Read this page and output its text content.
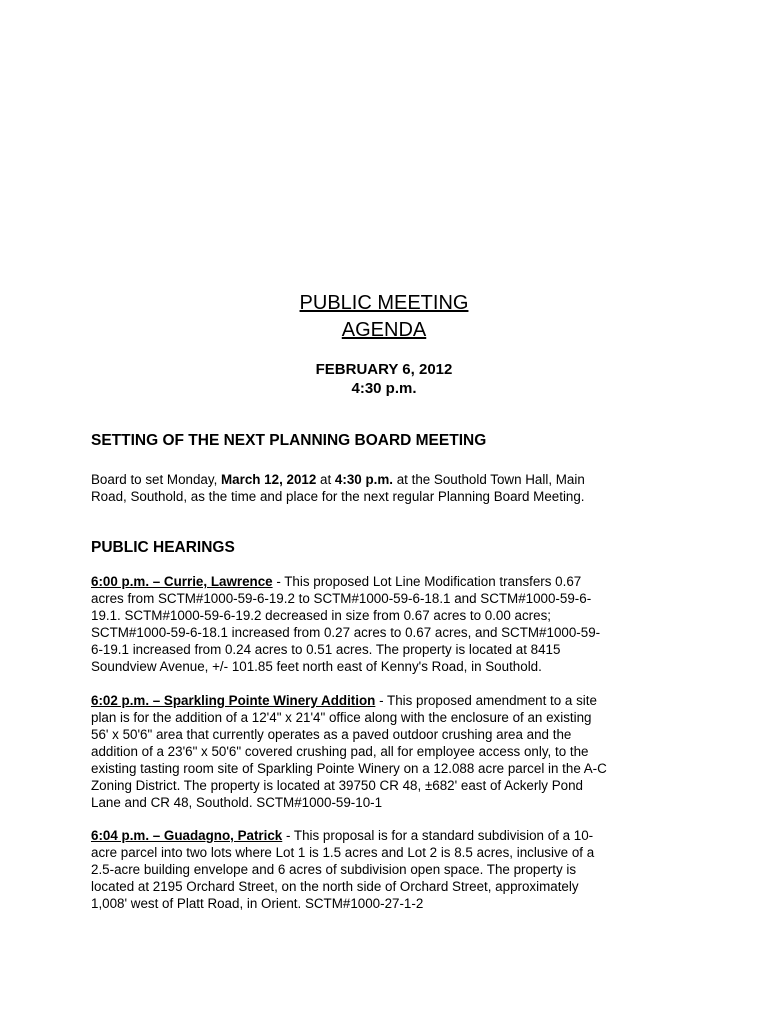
PUBLIC MEETING
AGENDA
FEBRUARY 6, 2012
4:30 p.m.
SETTING OF THE NEXT PLANNING BOARD MEETING
Board to set Monday, March 12, 2012 at 4:30 p.m. at the Southold Town Hall, Main
Road, Southold, as the time and place for the next regular Planning Board Meeting.
PUBLIC HEARINGS
6:00 p.m. – Currie, Lawrence - This proposed Lot Line Modification transfers 0.67
acres from SCTM#1000-59-6-19.2 to SCTM#1000-59-6-18.1 and SCTM#1000-59-6-
19.1. SCTM#1000-59-6-19.2 decreased in size from 0.67 acres to 0.00 acres;
SCTM#1000-59-6-18.1 increased from 0.27 acres to 0.67 acres, and SCTM#1000-59-
6-19.1 increased from 0.24 acres to 0.51 acres. The property is located at 8415
Soundview Avenue, +/- 101.85 feet north east of Kenny's Road, in Southold.
6:02 p.m. – Sparkling Pointe Winery Addition - This proposed amendment to a site
plan is for the addition of a 12'4" x 21'4" office along with the enclosure of an existing
56' x 50'6" area that currently operates as a paved outdoor crushing area and the
addition of a 23'6" x 50'6" covered crushing pad, all for employee access only, to the
existing tasting room site of Sparkling Pointe Winery on a 12.088 acre parcel in the A-C
Zoning District. The property is located at 39750 CR 48, ±682' east of Ackerly Pond
Lane and CR 48, Southold. SCTM#1000-59-10-1
6:04 p.m. – Guadagno, Patrick - This proposal is for a standard subdivision of a 10-
acre parcel into two lots where Lot 1 is 1.5 acres and Lot 2 is 8.5 acres, inclusive of a
2.5-acre building envelope and 6 acres of subdivision open space. The property is
located at 2195 Orchard Street, on the north side of Orchard Street, approximately
1,008' west of Platt Road, in Orient. SCTM#1000-27-1-2
